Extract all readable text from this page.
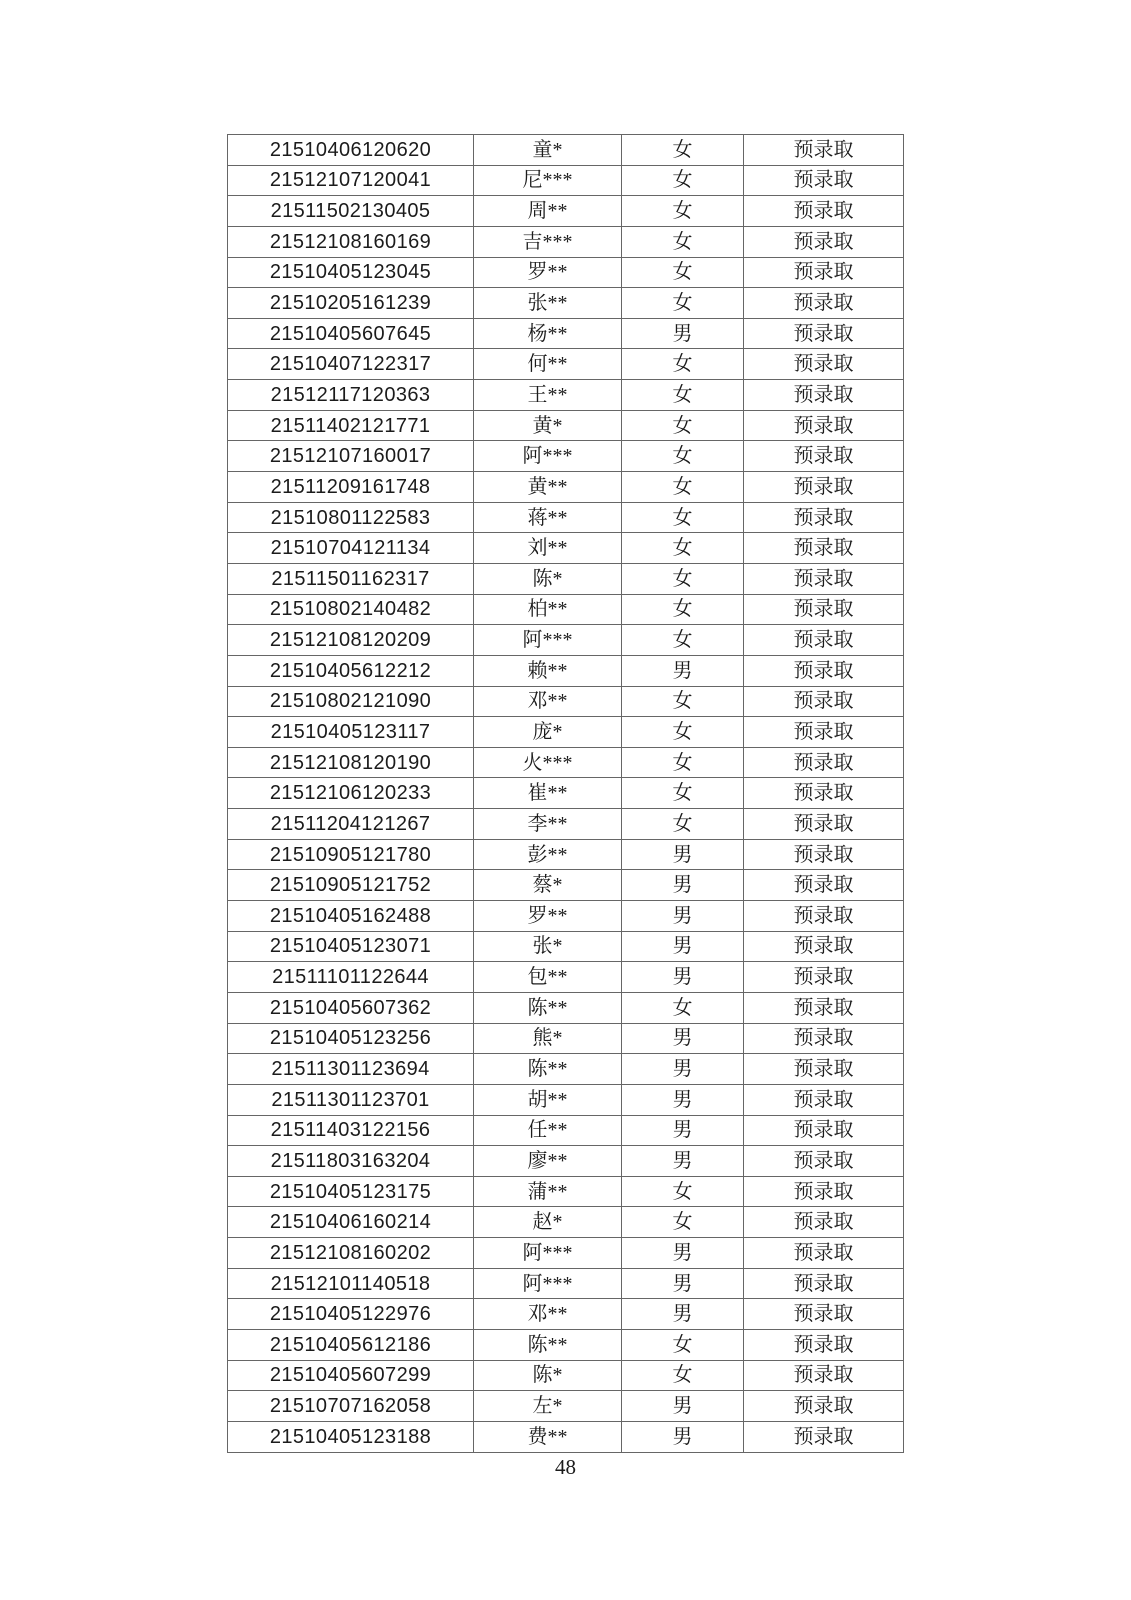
21510406120620	童*	女	预录取
21512107120041	尼***	女	预录取
21511502130405	周**	女	预录取
21512108160169	吉***	女	预录取
21510405123045	罗**	女	预录取
21510205161239	张**	女	预录取
21510405607645	杨**	男	预录取
21510407122317	何**	女	预录取
21512117120363	王**	女	预录取
21511402121771	黄*	女	预录取
21512107160017	阿***	女	预录取
21511209161748	黄**	女	预录取
21510801122583	蒋**	女	预录取
21510704121134	刘**	女	预录取
21511501162317	陈*	女	预录取
21510802140482	柏**	女	预录取
21512108120209	阿***	女	预录取
21510405612212	赖**	男	预录取
21510802121090	邓**	女	预录取
21510405123117	庞*	女	预录取
21512108120190	火***	女	预录取
21512106120233	崔**	女	预录取
21511204121267	李**	女	预录取
21510905121780	彭**	男	预录取
21510905121752	蔡*	男	预录取
21510405162488	罗**	男	预录取
21510405123071	张*	男	预录取
21511101122644	包**	男	预录取
21510405607362	陈**	女	预录取
21510405123256	熊*	男	预录取
21511301123694	陈**	男	预录取
21511301123701	胡**	男	预录取
21511403122156	任**	男	预录取
21511803163204	廖**	男	预录取
21510405123175	蒲**	女	预录取
21510406160214	赵*	女	预录取
21512108160202	阿***	男	预录取
21512101140518	阿***	男	预录取
21510405122976	邓**	男	预录取
21510405612186	陈**	女	预录取
21510405607299	陈*	女	预录取
21510707162058	左*	男	预录取
21510405123188	费**	男	预录取
48
